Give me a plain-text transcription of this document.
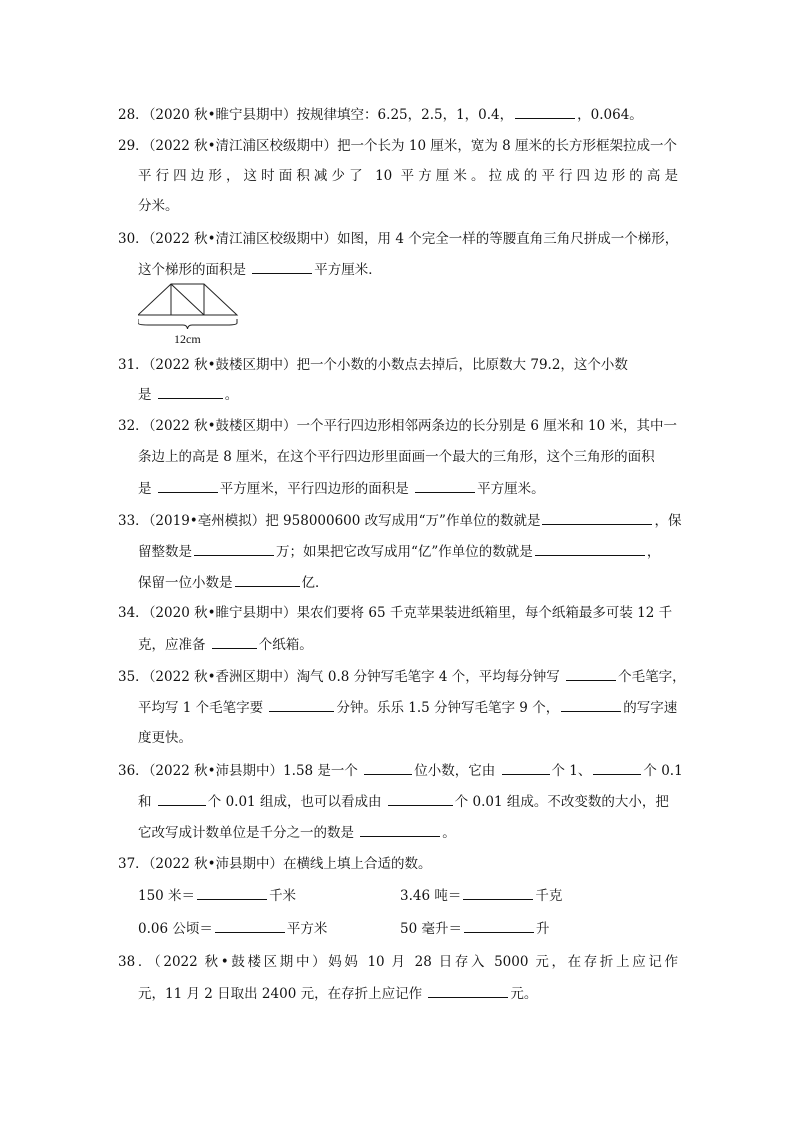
28．（2020 秋•睢宁县期中）按规律填空：6.25，2.5，1，0.4，	，0.064。
29．（2022 秋•清江浦区校级期中）把一个长为 10 厘米，宽为 8 厘米的长方形框架拉成一个
平行四边形，这时面积减少了 10 平方厘米。拉成的平行四边形的高是
分米。
30．（2022 秋•清江浦区校级期中）如图，用 4 个完全一样的等腰直角三角尺拼成一个梯形，
这个梯形的面积是	平方厘米．
12cm
31．（2022 秋•鼓楼区期中）把一个小数的小数点去掉后，比原数大 79.2，这个小数
是	。
32．（2022 秋•鼓楼区期中）一个平行四边形相邻两条边的长分别是 6 厘米和 10 米，其中一
条边上的高是 8 厘米，在这个平行四边形里面画一个最大的三角形，这个三角形的面积
是	平方厘米，平行四边形的面积是	平方厘米。
33．（2019•亳州模拟）把 958000600 改写成用“万”作单位的数就是	，保
留整数是	万；如果把它改写成用“亿”作单位的数就是	，
保留一位小数是	亿．
34．（2020 秋•睢宁县期中）果农们要将 65 千克苹果装进纸箱里，每个纸箱最多可装 12 千
克，应准备	个纸箱。
35．（2022 秋•香洲区期中）淘气 0.8 分钟写毛笔字 4 个，平均每分钟写	个毛笔字，
平均写 1 个毛笔字要	分钟。乐乐 1.5 分钟写毛笔字 9 个，	的写字速
度更快。
36．（2022 秋•沛县期中）1.58 是一个	位小数，它由	个 1、	个 0.1
和	个 0.01 组成，也可以看成由	个 0.01 组成。不改变数的大小，把
它改写成计数单位是千分之一的数是	。
37．（2022 秋•沛县期中）在横线上填上合适的数。
150 米＝	千米	3.46 吨＝	千克
0.06 公顷＝	平方米	50 毫升＝	升
38．（2022 秋•鼓楼区期中）妈妈 10 月 28 日存入 5000 元，在存折上应记作
元，11 月 2 日取出 2400 元，在存折上应记作	元。
